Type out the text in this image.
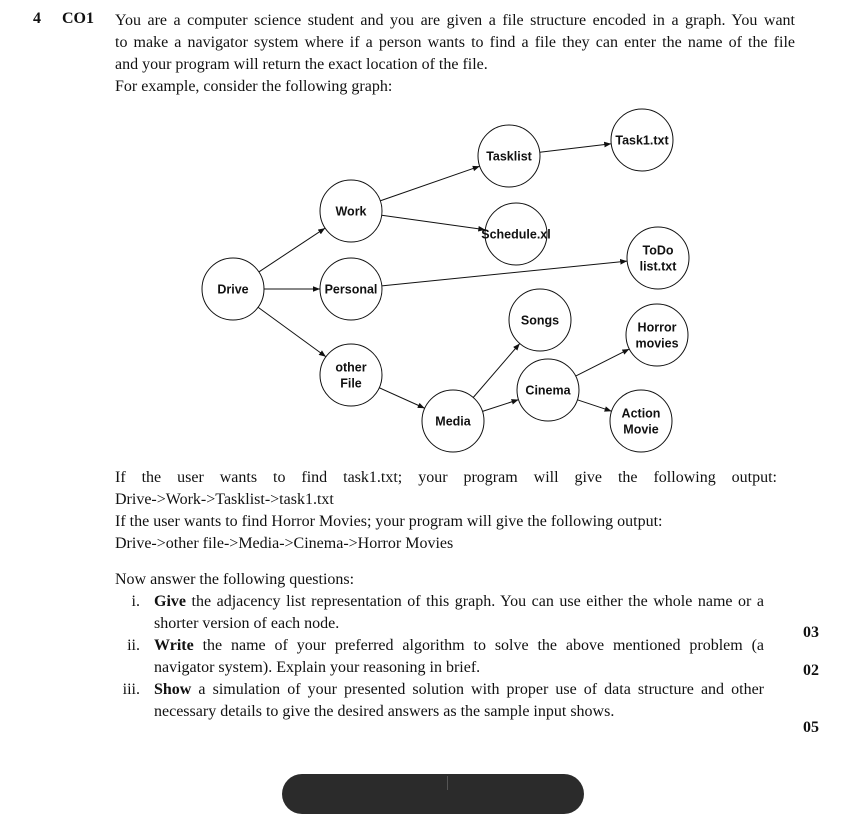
4 CO1 You are a computer science student and you are given a file structure encoded in a graph. You want
to make a navigator system where if a person wants to find a file they can enter the name of the file
and your program will return the exact location of the file.
For example, consider the following graph:
Drive
Work
Personal
other
File
Tasklist
Schedule.xl
Task1.txt
ToDo
list.txt
Songs
Media
Cinema
Horror
movies
Action
Movie
If the user wants to find task1.txt; your program will give the following output:
Drive->Work->Tasklist->task1.txt
If the user wants to find Horror Movies; your program will give the following output:
Drive->other file->Media->Cinema->Horror Movies
Now answer the following questions:
i. Give the adjacency list representation of this graph. You can use either the whole name or a
shorter version of each node.
03
ii. Write the name of your preferred algorithm to solve the above mentioned problem (a
navigator system). Explain your reasoning in brief.	02
iii. Show a simulation of your presented solution with proper use of data structure and other
necessary details to give the desired answers as the sample input shows.
05
